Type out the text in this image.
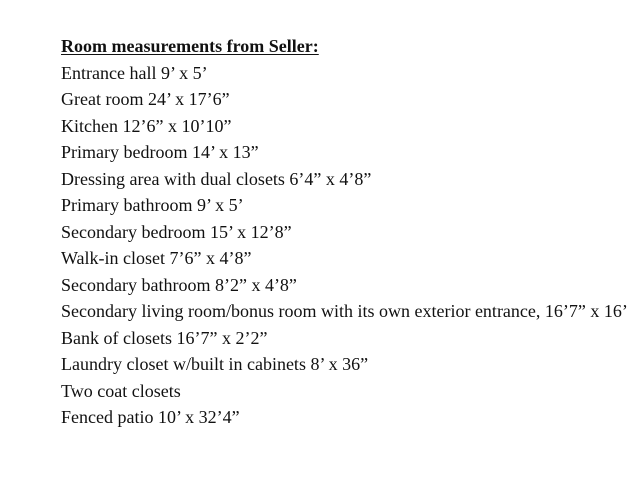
Room measurements from Seller:
Entrance hall 9’ x 5’
Great room 24’ x 17’6”
Kitchen 12’6” x 10’10”
Primary bedroom 14’ x 13”
Dressing area with dual closets 6’4” x 4’8”
Primary bathroom 9’ x 5’
Secondary bedroom 15’ x 12’8”
Walk-in closet 7’6” x 4’8”
Secondary bathroom 8’2” x 4’8”
Secondary living room/bonus room with its own exterior entrance, 16’7” x 16’
Bank of closets 16’7” x 2’2”
Laundry closet w/built in cabinets 8’ x 36”
Two coat closets
Fenced patio 10’ x 32’4”
